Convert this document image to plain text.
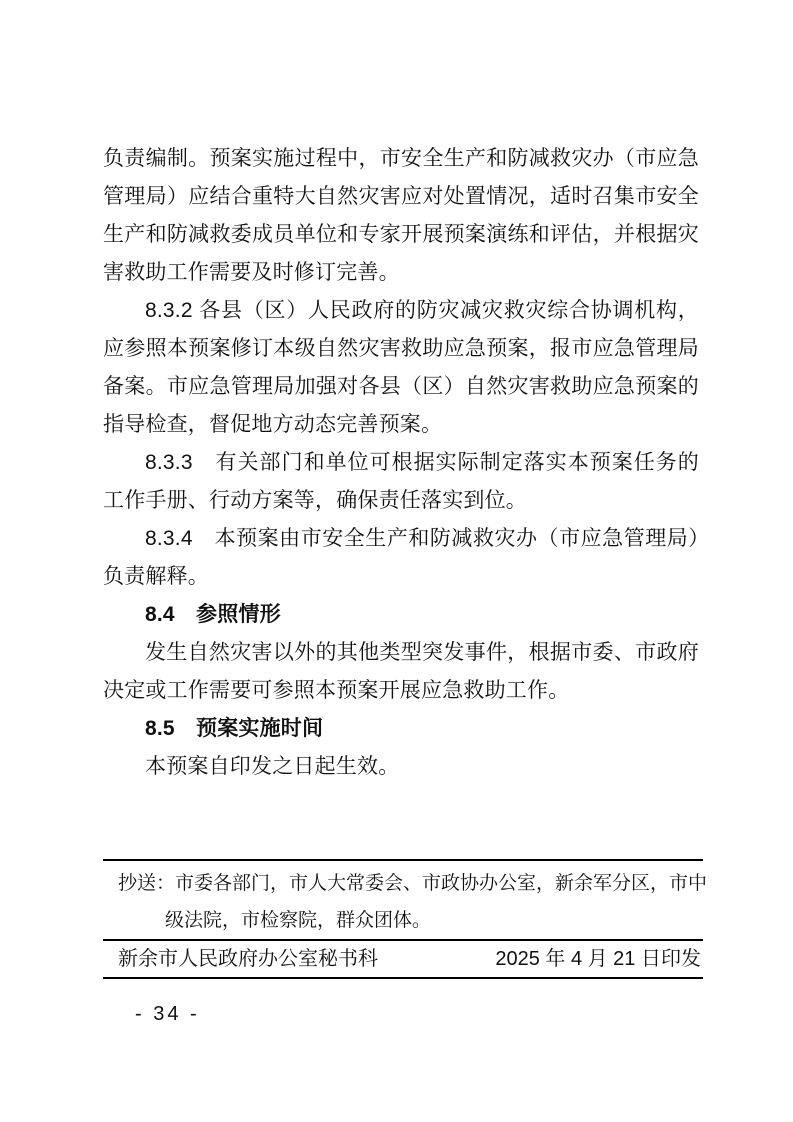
负责编制。预案实施过程中，市安全生产和防减救灾办（市应急管理局）应结合重特大自然灾害应对处置情况，适时召集市安全生产和防减救委成员单位和专家开展预案演练和评估，并根据灾害救助工作需要及时修订完善。

8.3.2 各县（区）人民政府的防灾减灾救灾综合协调机构，应参照本预案修订本级自然灾害救助应急预案，报市应急管理局备案。市应急管理局加强对各县（区）自然灾害救助应急预案的指导检查，督促地方动态完善预案。

8.3.3　有关部门和单位可根据实际制定落实本预案任务的工作手册、行动方案等，确保责任落实到位。

8.3.4　本预案由市安全生产和防减救灾办（市应急管理局）负责解释。

8.4　参照情形

发生自然灾害以外的其他类型突发事件，根据市委、市政府决定或工作需要可参照本预案开展应急救助工作。

8.5　预案实施时间

本预案自印发之日起生效。

抄送：市委各部门，市人大常委会、市政协办公室，新余军分区，市中
级法院，市检察院，群众团体。
新余市人民政府办公室秘书科	2025 年 4 月 21 日印发
- 34 -
